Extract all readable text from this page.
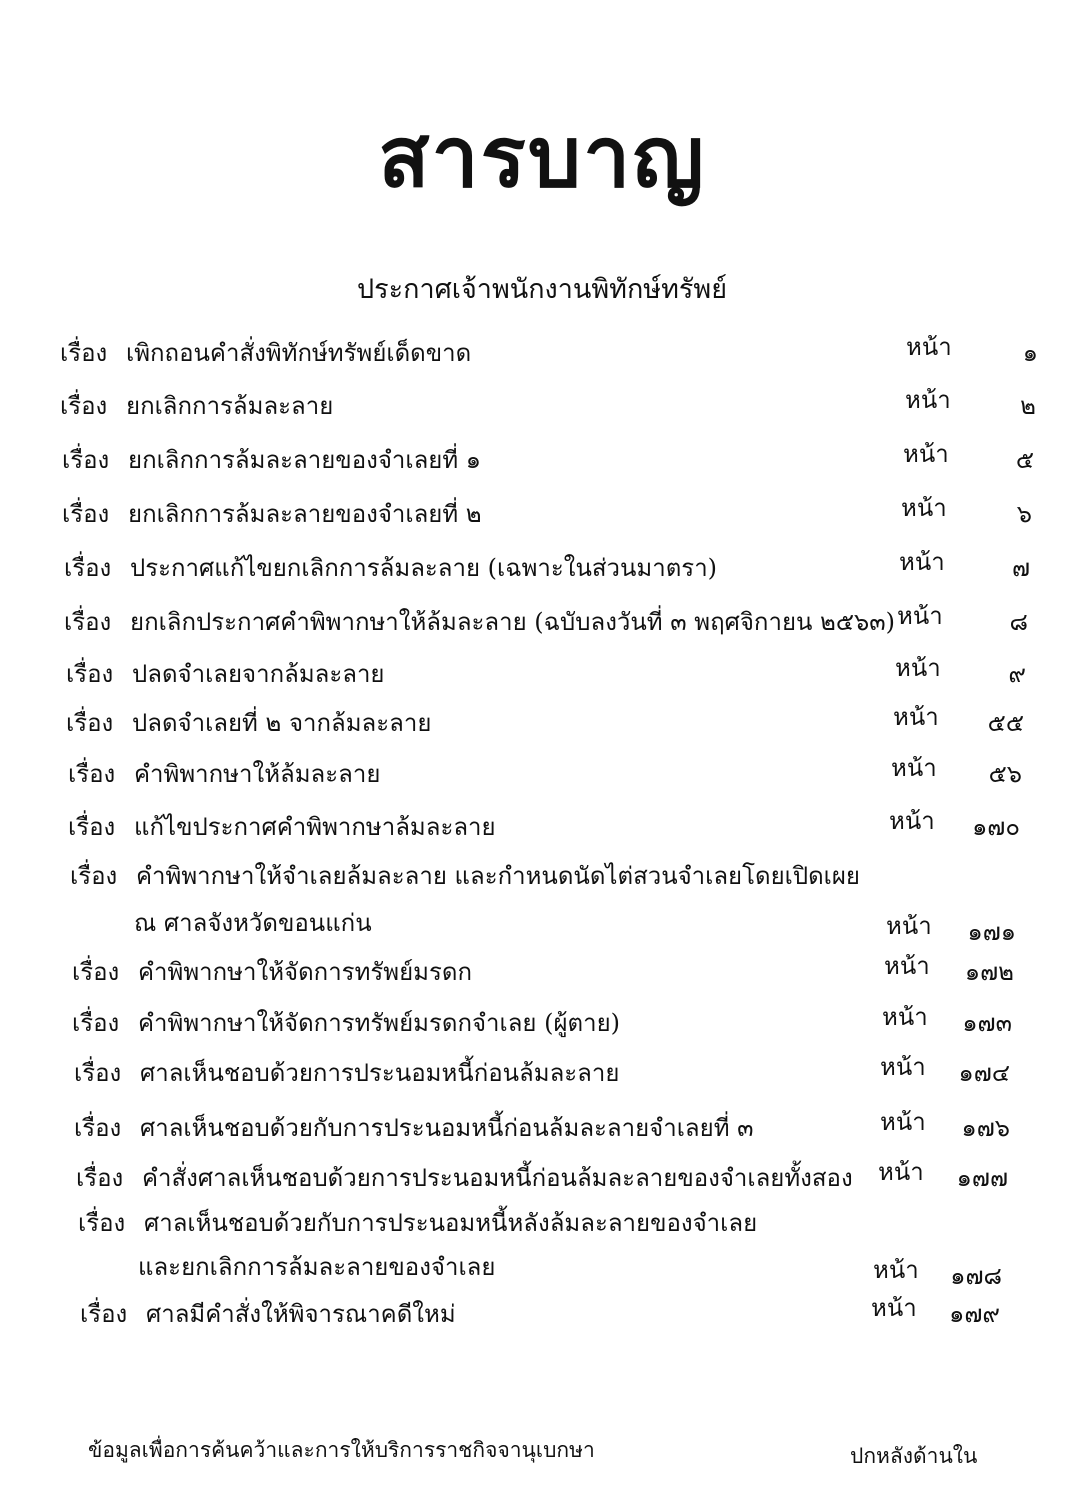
สารบาญ
ประกาศเจ้าพนักงานพิทักษ์ทรัพย์
เรื่อง เพิกถอนคำสั่งพิทักษ์ทรัพย์เด็ดขาด	หน้า	๑
เรื่อง ยกเลิกการล้มละลาย	หน้า	๒
เรื่อง ยกเลิกการล้มละลายของจำเลยที่ ๑	หน้า	๕
เรื่อง ยกเลิกการล้มละลายของจำเลยที่ ๒	หน้า	๖
เรื่อง ประกาศแก้ไขยกเลิกการล้มละลาย (เฉพาะในส่วนมาตรา)	หน้า	๗
เรื่อง ยกเลิกประกาศคำพิพากษาให้ล้มละลาย (ฉบับลงวันที่ ๓ พฤศจิกายน ๒๕๖๓) หน้า	๘
เรื่อง ปลดจำเลยจากล้มละลาย	หน้า	๙
เรื่อง ปลดจำเลยที่ ๒ จากล้มละลาย	หน้า	๕๕
เรื่อง คำพิพากษาให้ล้มละลาย	หน้า	๕๖
เรื่อง แก้ไขประกาศคำพิพากษาล้มละลาย	หน้า	๑๗๐
เรื่อง คำพิพากษาให้จำเลยล้มละลาย และกำหนดนัดไต่สวนจำเลยโดยเปิดเผย
ณ ศาลจังหวัดขอนแก่น	หน้า	๑๗๑
เรื่อง คำพิพากษาให้จัดการทรัพย์มรดก	หน้า	๑๗๒
เรื่อง คำพิพากษาให้จัดการทรัพย์มรดกจำเลย (ผู้ตาย)	หน้า	๑๗๓
เรื่อง ศาลเห็นชอบด้วยการประนอมหนี้ก่อนล้มละลาย	หน้า	๑๗๔
เรื่อง ศาลเห็นชอบด้วยกับการประนอมหนี้ก่อนล้มละลายจำเลยที่ ๓	หน้า	๑๗๖
เรื่อง คำสั่งศาลเห็นชอบด้วยการประนอมหนี้ก่อนล้มละลายของจำเลยทั้งสอง หน้า	๑๗๗
เรื่อง ศาลเห็นชอบด้วยกับการประนอมหนี้หลังล้มละลายของจำเลย
และยกเลิกการล้มละลายของจำเลย	หน้า	๑๗๘
เรื่อง ศาลมีคำสั่งให้พิจารณาคดีใหม่	หน้า	๑๗๙
ข้อมูลเพื่อการค้นคว้าและการให้บริการราชกิจจานุเบกษา	ปกหลังด้านใน
